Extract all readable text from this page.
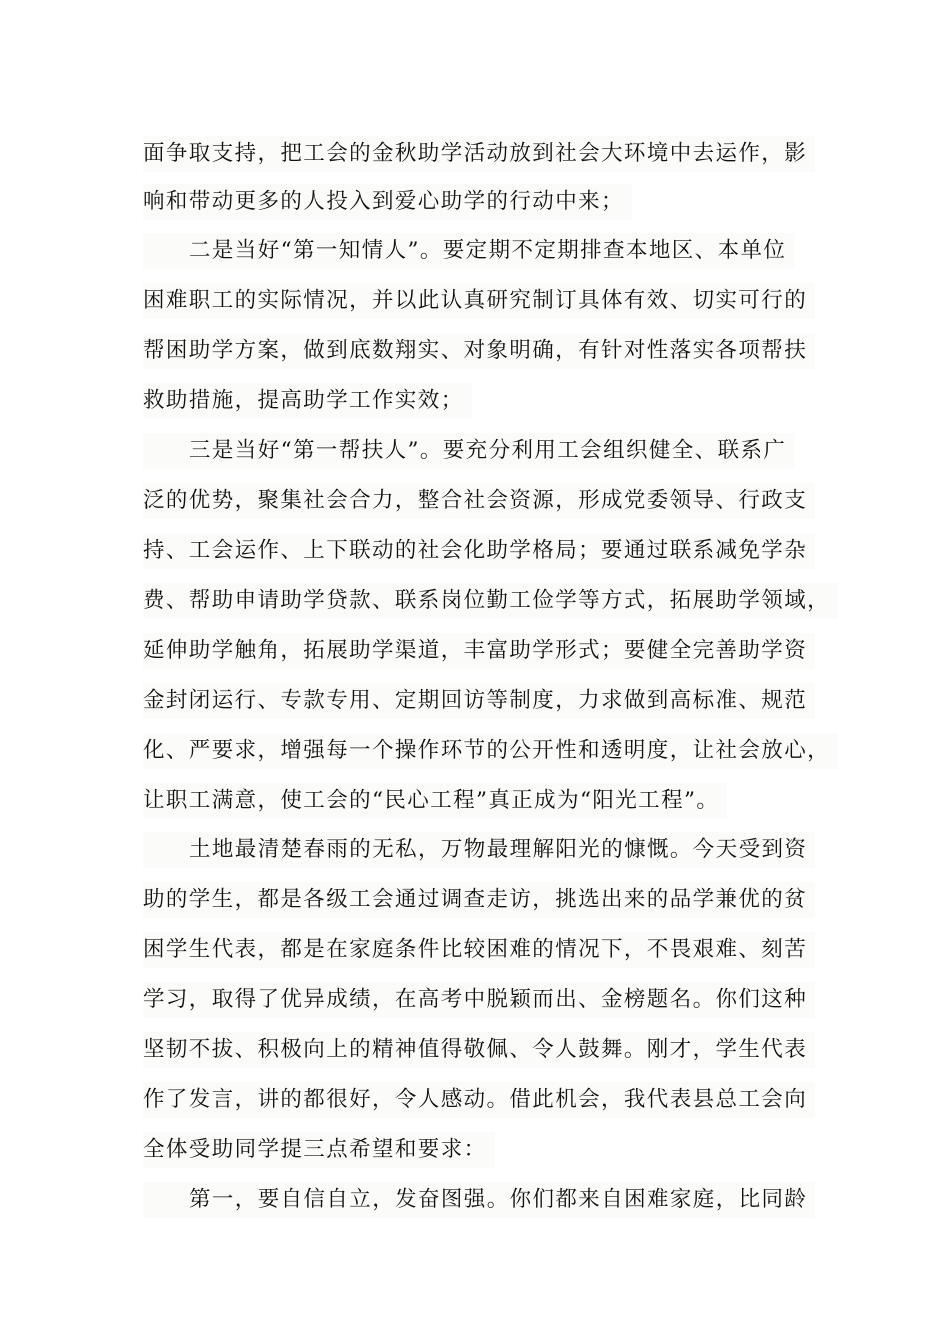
面争取支持，把工会的金秋助学活动放到社会大环境中去运作，影
响和带动更多的人投入到爱心助学的行动中来；
二是当好“第一知情人”。要定期不定期排查本地区、本单位
困难职工的实际情况，并以此认真研究制订具体有效、切实可行的
帮困助学方案，做到底数翔实、对象明确，有针对性落实各项帮扶
救助措施，提高助学工作实效；
三是当好“第一帮扶人”。要充分利用工会组织健全、联系广
泛的优势，聚集社会合力，整合社会资源，形成党委领导、行政支
持、工会运作、上下联动的社会化助学格局；要通过联系减免学杂
费、帮助申请助学贷款、联系岗位勤工俭学等方式，拓展助学领域，
延伸助学触角，拓展助学渠道，丰富助学形式；要健全完善助学资
金封闭运行、专款专用、定期回访等制度，力求做到高标准、规范
化、严要求，增强每一个操作环节的公开性和透明度，让社会放心，
让职工满意，使工会的“民心工程”真正成为“阳光工程”。
土地最清楚春雨的无私，万物最理解阳光的慷慨。今天受到资
助的学生，都是各级工会通过调查走访，挑选出来的品学兼优的贫
困学生代表，都是在家庭条件比较困难的情况下，不畏艰难、刻苦
学习，取得了优异成绩，在高考中脱颖而出、金榜题名。你们这种
坚韧不拔、积极向上的精神值得敬佩、令人鼓舞。刚才，学生代表
作了发言，讲的都很好，令人感动。借此机会，我代表县总工会向
全体受助同学提三点希望和要求：
第一，要自信自立，发奋图强。你们都来自困难家庭，比同龄
